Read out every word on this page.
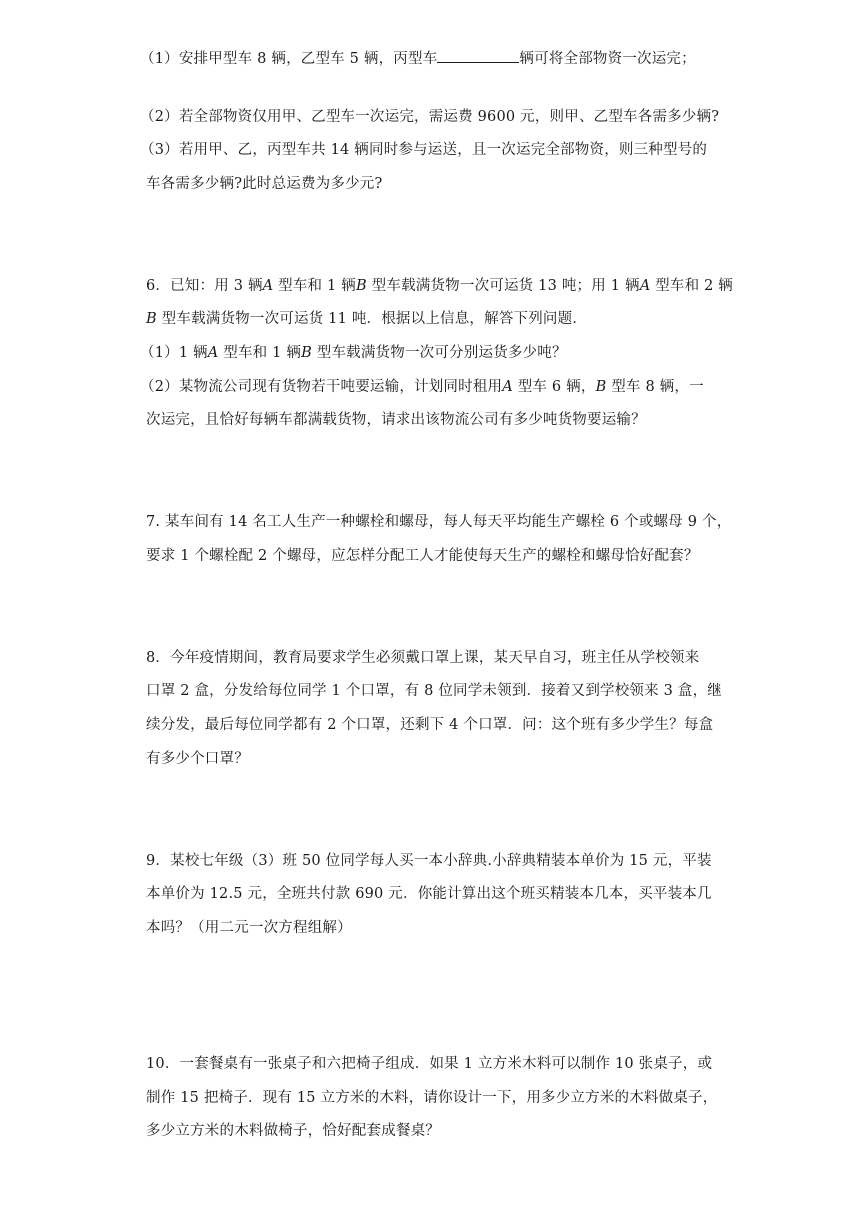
（1）安排甲型车 8 辆，乙型车 5 辆，丙型车	辆可将全部物资一次运完；
（2）若全部物资仅用甲、乙型车一次运完，需运费 9600 元，则甲、乙型车各需多少辆?
（3）若用甲、乙，丙型车共 14 辆同时参与运送，且一次运完全部物资，则三种型号的
车各需多少辆?此时总运费为多少元?
6．已知：用 3 辆A 型车和 1 辆B 型车载满货物一次可运货 13 吨；用 1 辆A 型车和 2 辆
B 型车载满货物一次可运货 11 吨．根据以上信息，解答下列问题．
（1）1 辆A 型车和 1 辆B 型车载满货物一次可分别运货多少吨？
（2）某物流公司现有货物若干吨要运输，计划同时租用A 型车 6 辆，B 型车 8 辆，一
次运完，且恰好每辆车都满载货物，请求出该物流公司有多少吨货物要运输？
7. 某车间有 14 名工人生产一种螺栓和螺母，每人每天平均能生产螺栓 6 个或螺母 9 个，
要求 1 个螺栓配 2 个螺母，应怎样分配工人才能使每天生产的螺栓和螺母恰好配套？
8．今年疫情期间，教育局要求学生必须戴口罩上课，某天早自习，班主任从学校领来
口罩 2 盒，分发给每位同学 1 个口罩，有 8 位同学未领到．接着又到学校领来 3 盒，继
续分发，最后每位同学都有 2 个口罩，还剩下 4 个口罩．问：这个班有多少学生？每盒
有多少个口罩？
9．某校七年级（3）班 50 位同学每人买一本小辞典.小辞典精装本单价为 15 元，平装
本单价为 12.5 元，全班共付款 690 元．你能计算出这个班买精装本几本，买平装本几
本吗？（用二元一次方程组解）
10．一套餐桌有一张桌子和六把椅子组成．如果 1 立方米木料可以制作 10 张桌子，或
制作 15 把椅子．现有 15 立方米的木料，请你设计一下，用多少立方米的木料做桌子，
多少立方米的木料做椅子，恰好配套成餐桌？
